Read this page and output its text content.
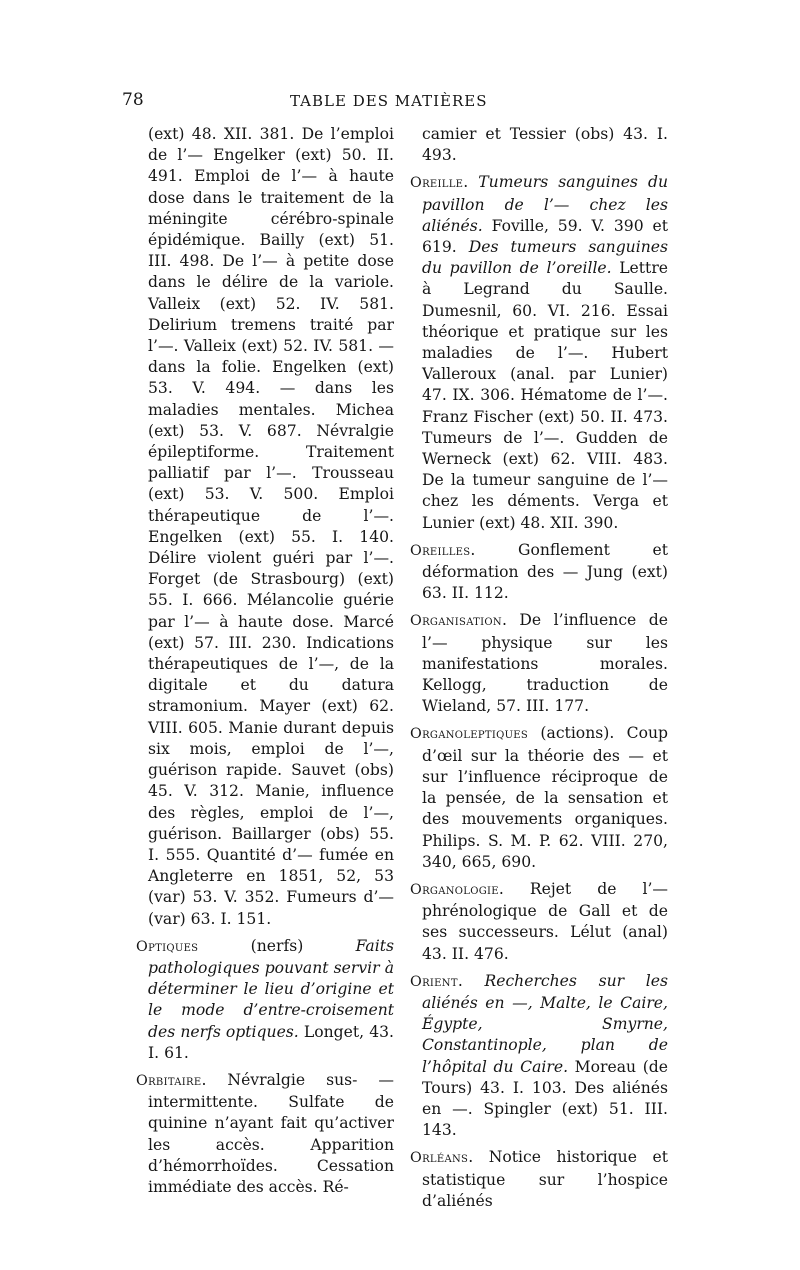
78	TABLE DES MATIÈRES

(ext) 48. XII. 381. De l’emploi de l’— Engelker (ext) 50. II. 491. Emploi de l’— à haute dose dans le traitement de la méningite cérébro-spinale épidémique. Bailly (ext) 51. III. 498. De l’— à petite dose dans le délire de la variole. Valleix (ext) 52. IV. 581. Delirium tremens traité par l’—. Valleix (ext) 52. IV. 581. — dans la folie. Engelken (ext) 53. V. 494. — dans les maladies mentales. Michea (ext) 53. V. 687. Névralgie épileptiforme. Traitement palliatif par l’—. Trousseau (ext) 53. V. 500. Emploi thérapeutique de l’—. Engelken (ext) 55. I. 140. Délire violent guéri par l’—. Forget (de Strasbourg) (ext) 55. I. 666. Mélancolie guérie par l’— à haute dose. Marcé (ext) 57. III. 230. Indications thérapeutiques de l’—, de la digitale et du datura stramonium. Mayer (ext) 62. VIII. 605. Manie durant depuis six mois, emploi de l’—, guérison rapide. Sauvet (obs) 45. V. 312. Manie, influence des règles, emploi de l’—, guérison. Baillarger (obs) 55. I. 555. Quantité d’— fumée en Angleterre en 1851, 52, 53 (var) 53. V. 352. Fumeurs d’— (var) 63. I. 151.

Optiques (nerfs) Faits pathologiques pouvant servir à déterminer le lieu d’origine et le mode d’entre-croisement des nerfs optiques. Longet, 43. I. 61.

Orbitaire. Névralgie sus- — intermittente. Sulfate de quinine n’ayant fait qu’activer les accès. Apparition d’hémorrhoïdes. Cessation immédiate des accès. Ré-

camier et Tessier (obs) 43. I. 493.

Oreille. Tumeurs sanguines du pavillon de l’— chez les aliénés. Foville, 59. V. 390 et 619. Des tumeurs sanguines du pavillon de l’oreille. Lettre à Legrand du Saulle. Dumesnil, 60. VI. 216. Essai théorique et pratique sur les maladies de l’—. Hubert Valleroux (anal. par Lunier) 47. IX. 306. Hématome de l’—. Franz Fischer (ext) 50. II. 473. Tumeurs de l’—. Gudden de Werneck (ext) 62. VIII. 483. De la tumeur sanguine de l’— chez les déments. Verga et Lunier (ext) 48. XII. 390.

Oreilles. Gonflement et déformation des — Jung (ext) 63. II. 112.

Organisation. De l’influence de l’— physique sur les manifestations morales. Kellogg, traduction de Wieland, 57. III. 177.

Organoleptiques (actions). Coup d’œil sur la théorie des — et sur l’influence réciproque de la pensée, de la sensation et des mouvements organiques. Philips. S. M. P. 62. VIII. 270, 340, 665, 690.

Organologie. Rejet de l’— phrénologique de Gall et de ses successeurs. Lélut (anal) 43. II. 476.

Orient. Recherches sur les aliénés en —, Malte, le Caire, Égypte, Smyrne, Constantinople, plan de l’hôpital du Caire. Moreau (de Tours) 43. I. 103. Des aliénés en —. Spingler (ext) 51. III. 143.

Orléans. Notice historique et statistique sur l’hospice d’aliénés
